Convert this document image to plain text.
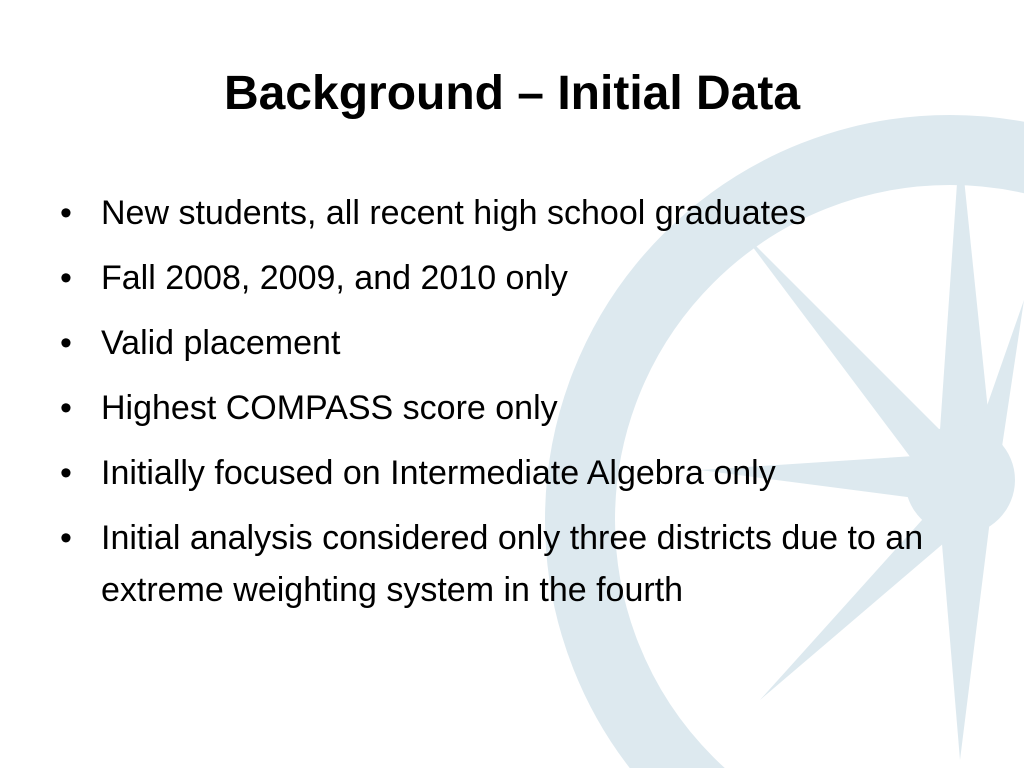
Background – Initial Data
• New students, all recent high school graduates
• Fall 2008, 2009, and 2010 only
• Valid placement
• Highest COMPASS score only
• Initially focused on Intermediate Algebra only
• Initial analysis considered only three districts due to an extreme weighting system in the fourth
